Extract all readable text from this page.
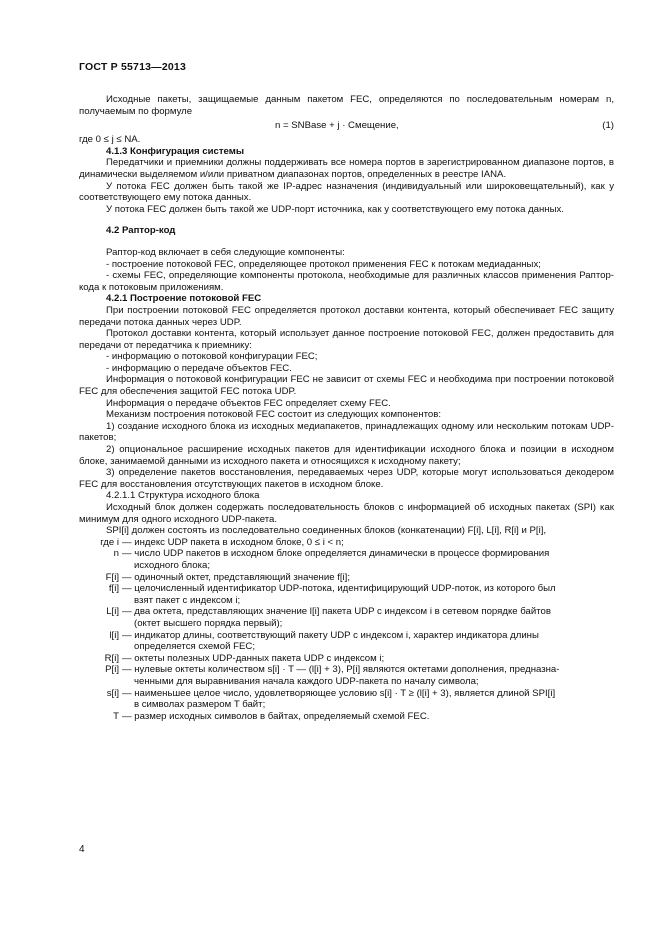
ГОСТ Р 55713—2013

Исходные пакеты, защищаемые данным пакетом FEC, определяются по последовательным номерам n, получаемым по формуле

n = SNBase + j · Смещение,	(1)

где 0 ≤ j ≤ NA.

4.1.3 Конфигурация системы

Передатчики и приемники должны поддерживать все номера портов в зарегистрированном диапазоне портов, в динамически выделяемом и/или приватном диапазонах портов, определенных в реестре IANA.

У потока FEC должен быть такой же IP-адрес назначения (индивидуальный или широковещательный), как у соответствующего ему потока данных.

У потока FEC должен быть такой же UDP-порт источника, как у соответствующего ему потока данных.

4.2 Раптор-код

Раптор-код включает в себя следующие компоненты:

- построение потоковой FEC, определяющее протокол применения FEC к потокам медиаданных;

- схемы FEC, определяющие компоненты протокола, необходимые для различных классов применения Раптор-кода к потоковым приложениям.

4.2.1 Построение потоковой FEC

При построении потоковой FEC определяется протокол доставки контента, который обеспечивает FEC защиту передачи потока данных через UDP.

Протокол доставки контента, который использует данное построение потоковой FEC, должен предоставить для передачи от передатчика к приемнику:

- информацию о потоковой конфигурации FEC;

- информацию о передаче объектов FEC.

Информация о потоковой конфигурации FEC не зависит от схемы FEC и необходима при построении потоковой FEC для обеспечения защитой FEC потока UDP.

Информация о передаче объектов FEC определяет схему FEC.

Механизм построения потоковой FEC состоит из следующих компонентов:

1) создание исходного блока из исходных медиапакетов, принадлежащих одному или нескольким потокам UDP-пакетов;

2) опциональное расширение исходных пакетов для идентификации исходного блока и позиции в исходном блоке, занимаемой данными из исходного пакета и относящихся к исходному пакету;

3) определение пакетов восстановления, передаваемых через UDP, которые могут использоваться декодером FEC для восстановления отсутствующих пакетов в исходном блоке.

4.2.1.1 Структура исходного блока

Исходный блок должен содержать последовательность блоков с информацией об исходных пакетах (SPI) как минимум для одного исходного UDP-пакета.

SPI[i] должен состоять из последовательно соединенных блоков (конкатенации) F[i], L[i], R[i] и P[i],

где i — индекс UDP пакета в исходном блоке, 0 ≤ i < n;
n — число UDP пакетов в исходном блоке определяется динамически в процессе формирования
исходного блока;
F[i] — одиночный октет, представляющий значение f[i];
f[i] — целочисленный идентификатор UDP-потока, идентифицирующий UDP-поток, из которого был
взят пакет с индексом i;
L[i] — два октета, представляющих значение l[i] пакета UDP с индексом i в сетевом порядке байтов
(октет высшего порядка первый);
l[i] — индикатор длины, соответствующий пакету UDP с индексом i, характер индикатора длины
определяется схемой FEC;
R[i] — октеты полезных UDP-данных пакета UDP с индексом i;
P[i] — нулевые октеты количеством s[i] · T — (l[i] + 3), P[i] являются октетами дополнения, предназна-
ченными для выравнивания начала каждого UDP-пакета по началу символа;
s[i] — наименьшее целое число, удовлетворяющее условию s[i] · T ≥ (l[i] + 3), является длиной SPI[i]
в символах размером T байт;
T — размер исходных символов в байтах, определяемый схемой FEC.
4
